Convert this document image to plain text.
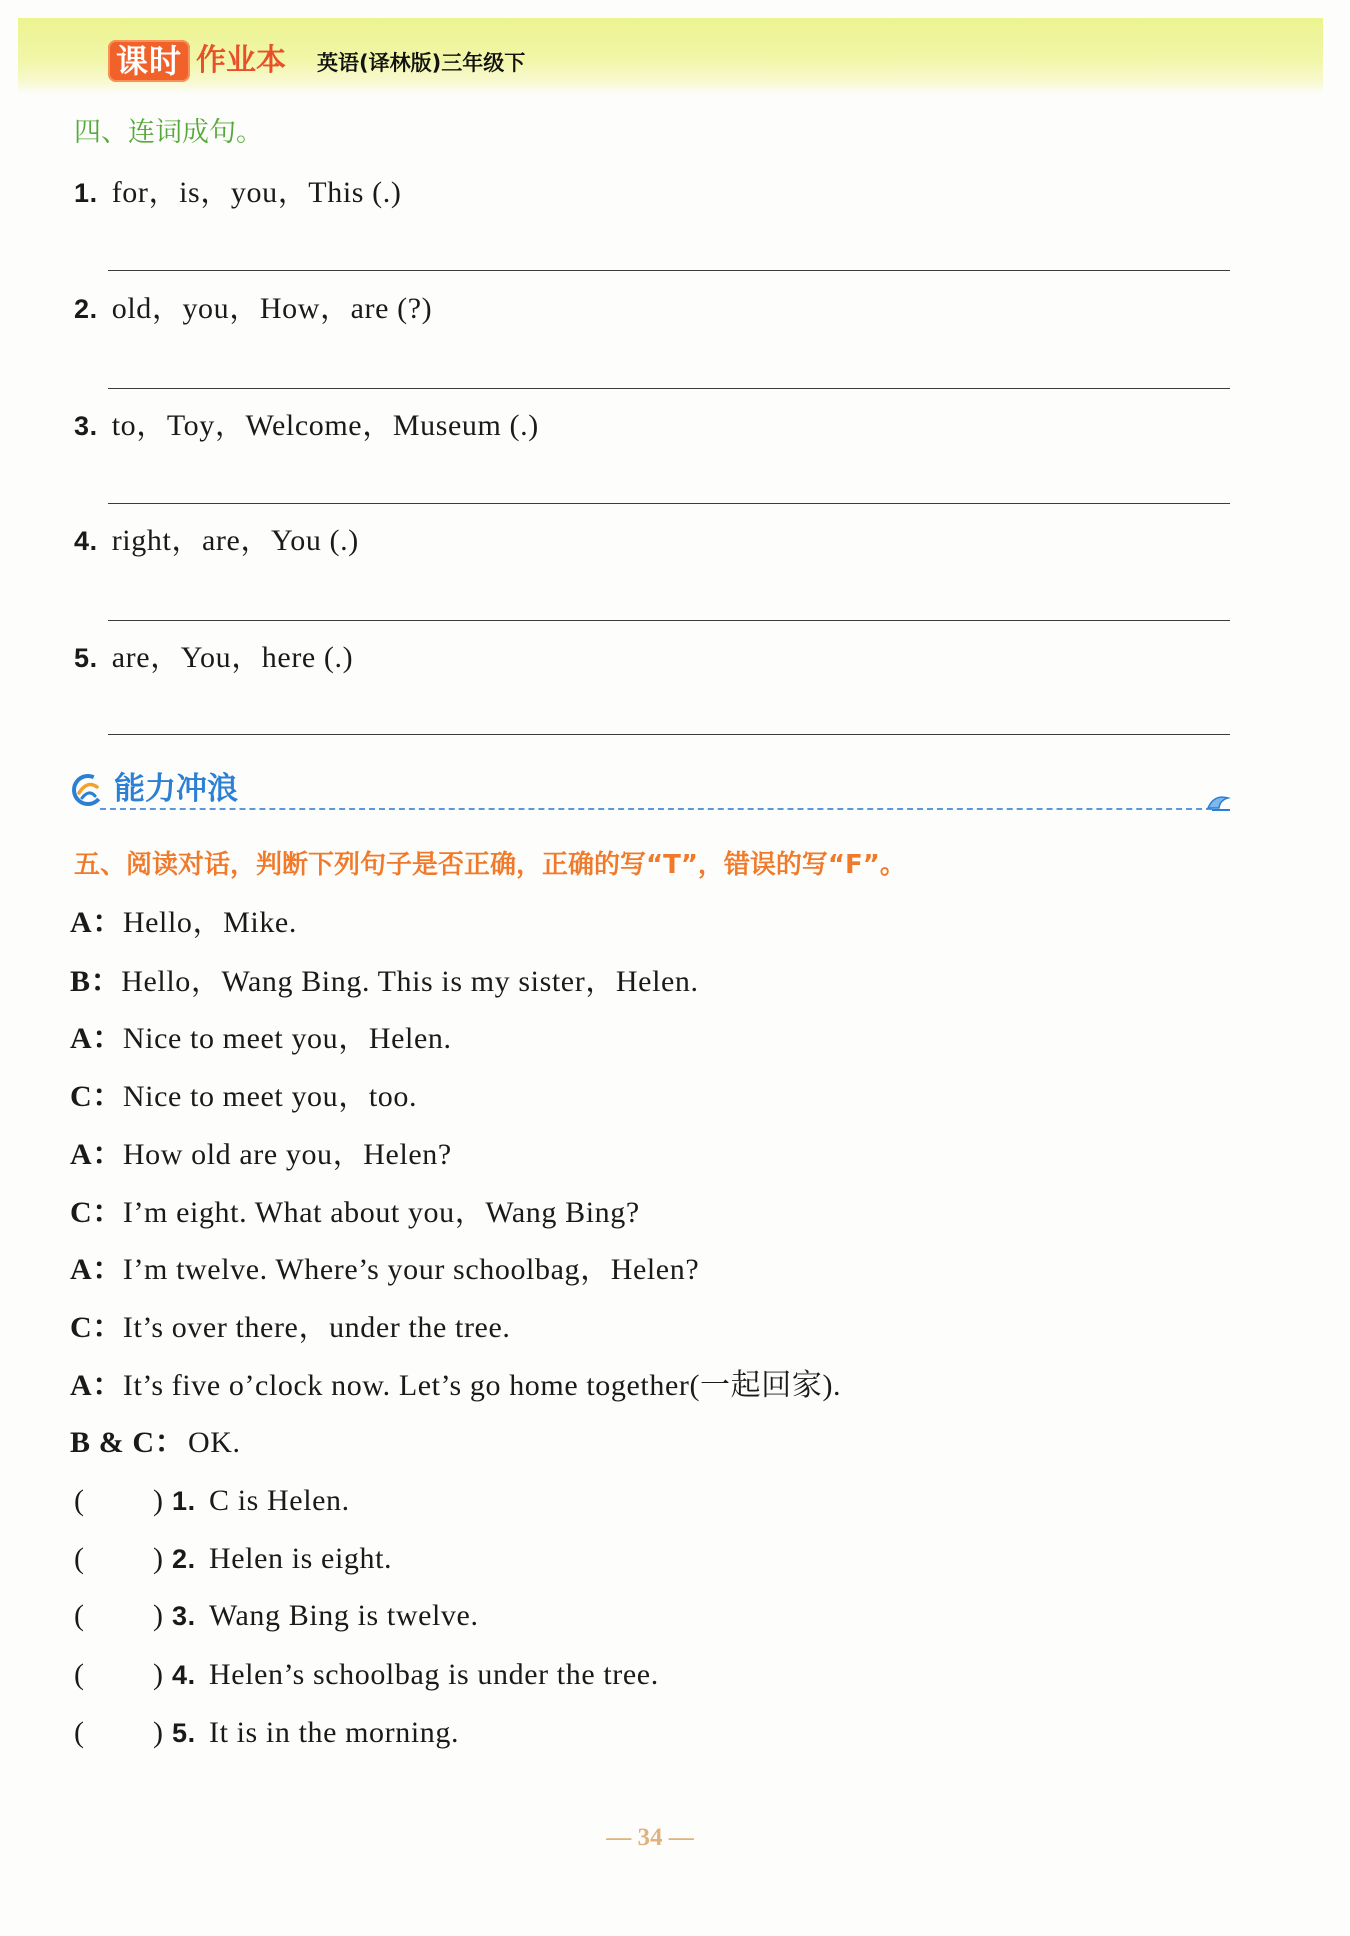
课时 作业本 英语(译林版)三年级下
四、连词成句。
1. for，is，you，This (.)
2. old，you，How，are (?)
3. to，Toy，Welcome，Museum (.)
4. right，are，You (.)
5. are，You，here (.)
能力冲浪
五、阅读对话，判断下列句子是否正确，正确的写“T”，错误的写“F”。
A：Hello，Mike.
B：Hello，Wang Bing. This is my sister，Helen.
A：Nice to meet you，Helen.
C：Nice to meet you，too.
A：How old are you，Helen?
C：I’m eight. What about you，Wang Bing?
A：I’m twelve. Where’s your schoolbag，Helen?
C：It’s over there，under the tree.
A：It’s five o’clock now. Let’s go home together(一起回家).
B & C：OK.
( ) 1. C is Helen.
( ) 2. Helen is eight.
( ) 3. Wang Bing is twelve.
( ) 4. Helen’s schoolbag is under the tree.
( ) 5. It is in the morning.
— 34 —
